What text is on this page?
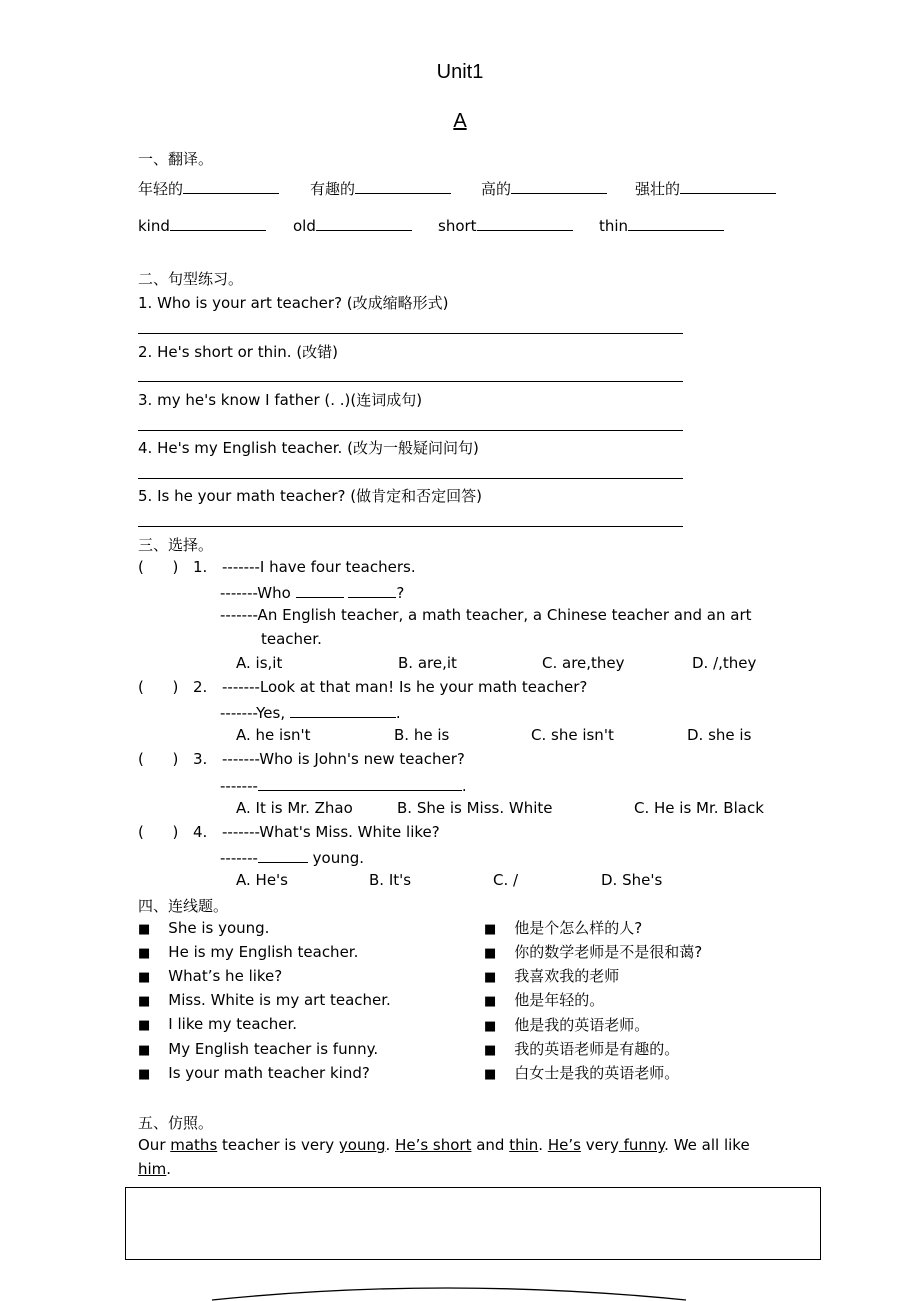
Unit1
A
一、翻译。
年轻的	有趣的	高的	强壮的
kind	old	short	thin
二、句型练习。
1. Who is your art teacher? (改成缩略形式)
2. He's short or thin. (改错)
3. my he's know I father (. .)(连词成句)
4. He's my English teacher. (改为一般疑问问句)
5. Is he your math teacher? (做肯定和否定回答)
三、选择。
(      ) 1. -------I have four teachers.
-------Who	?
-------An English teacher, a math teacher, a Chinese teacher and an art
teacher.
A. is,it	B. are,it	C. are,they	D. /,they
(      ) 2. -------Look at that man! Is he your math teacher?
-------Yes,	.
A. he isn't	B. he is	C. she isn't	D. she is
(      ) 3. -------Who is John's new teacher?
-------	.
A. It is Mr. Zhao	B. She is Miss. White	C. He is Mr. Black
(      ) 4. -------What's Miss. White like?
-------	young.
A. He's	B. It's	C. /	D. She's
四、连线题。
■ She is young.
■ He is my English teacher.
■ What’s he like?
■ Miss. White is my art teacher.
■ I like my teacher.
■ My English teacher is funny.
■ Is your math teacher kind?
■ 他是个怎么样的人?
■ 你的数学老师是不是很和蔼?
■ 我喜欢我的老师
■ 他是年轻的。
■ 他是我的英语老师。
■ 我的英语老师是有趣的。
■ 白女士是我的英语老师。
五、仿照。
Our maths teacher is very young. He’s short and thin. He’s very funny. We all like
him.
